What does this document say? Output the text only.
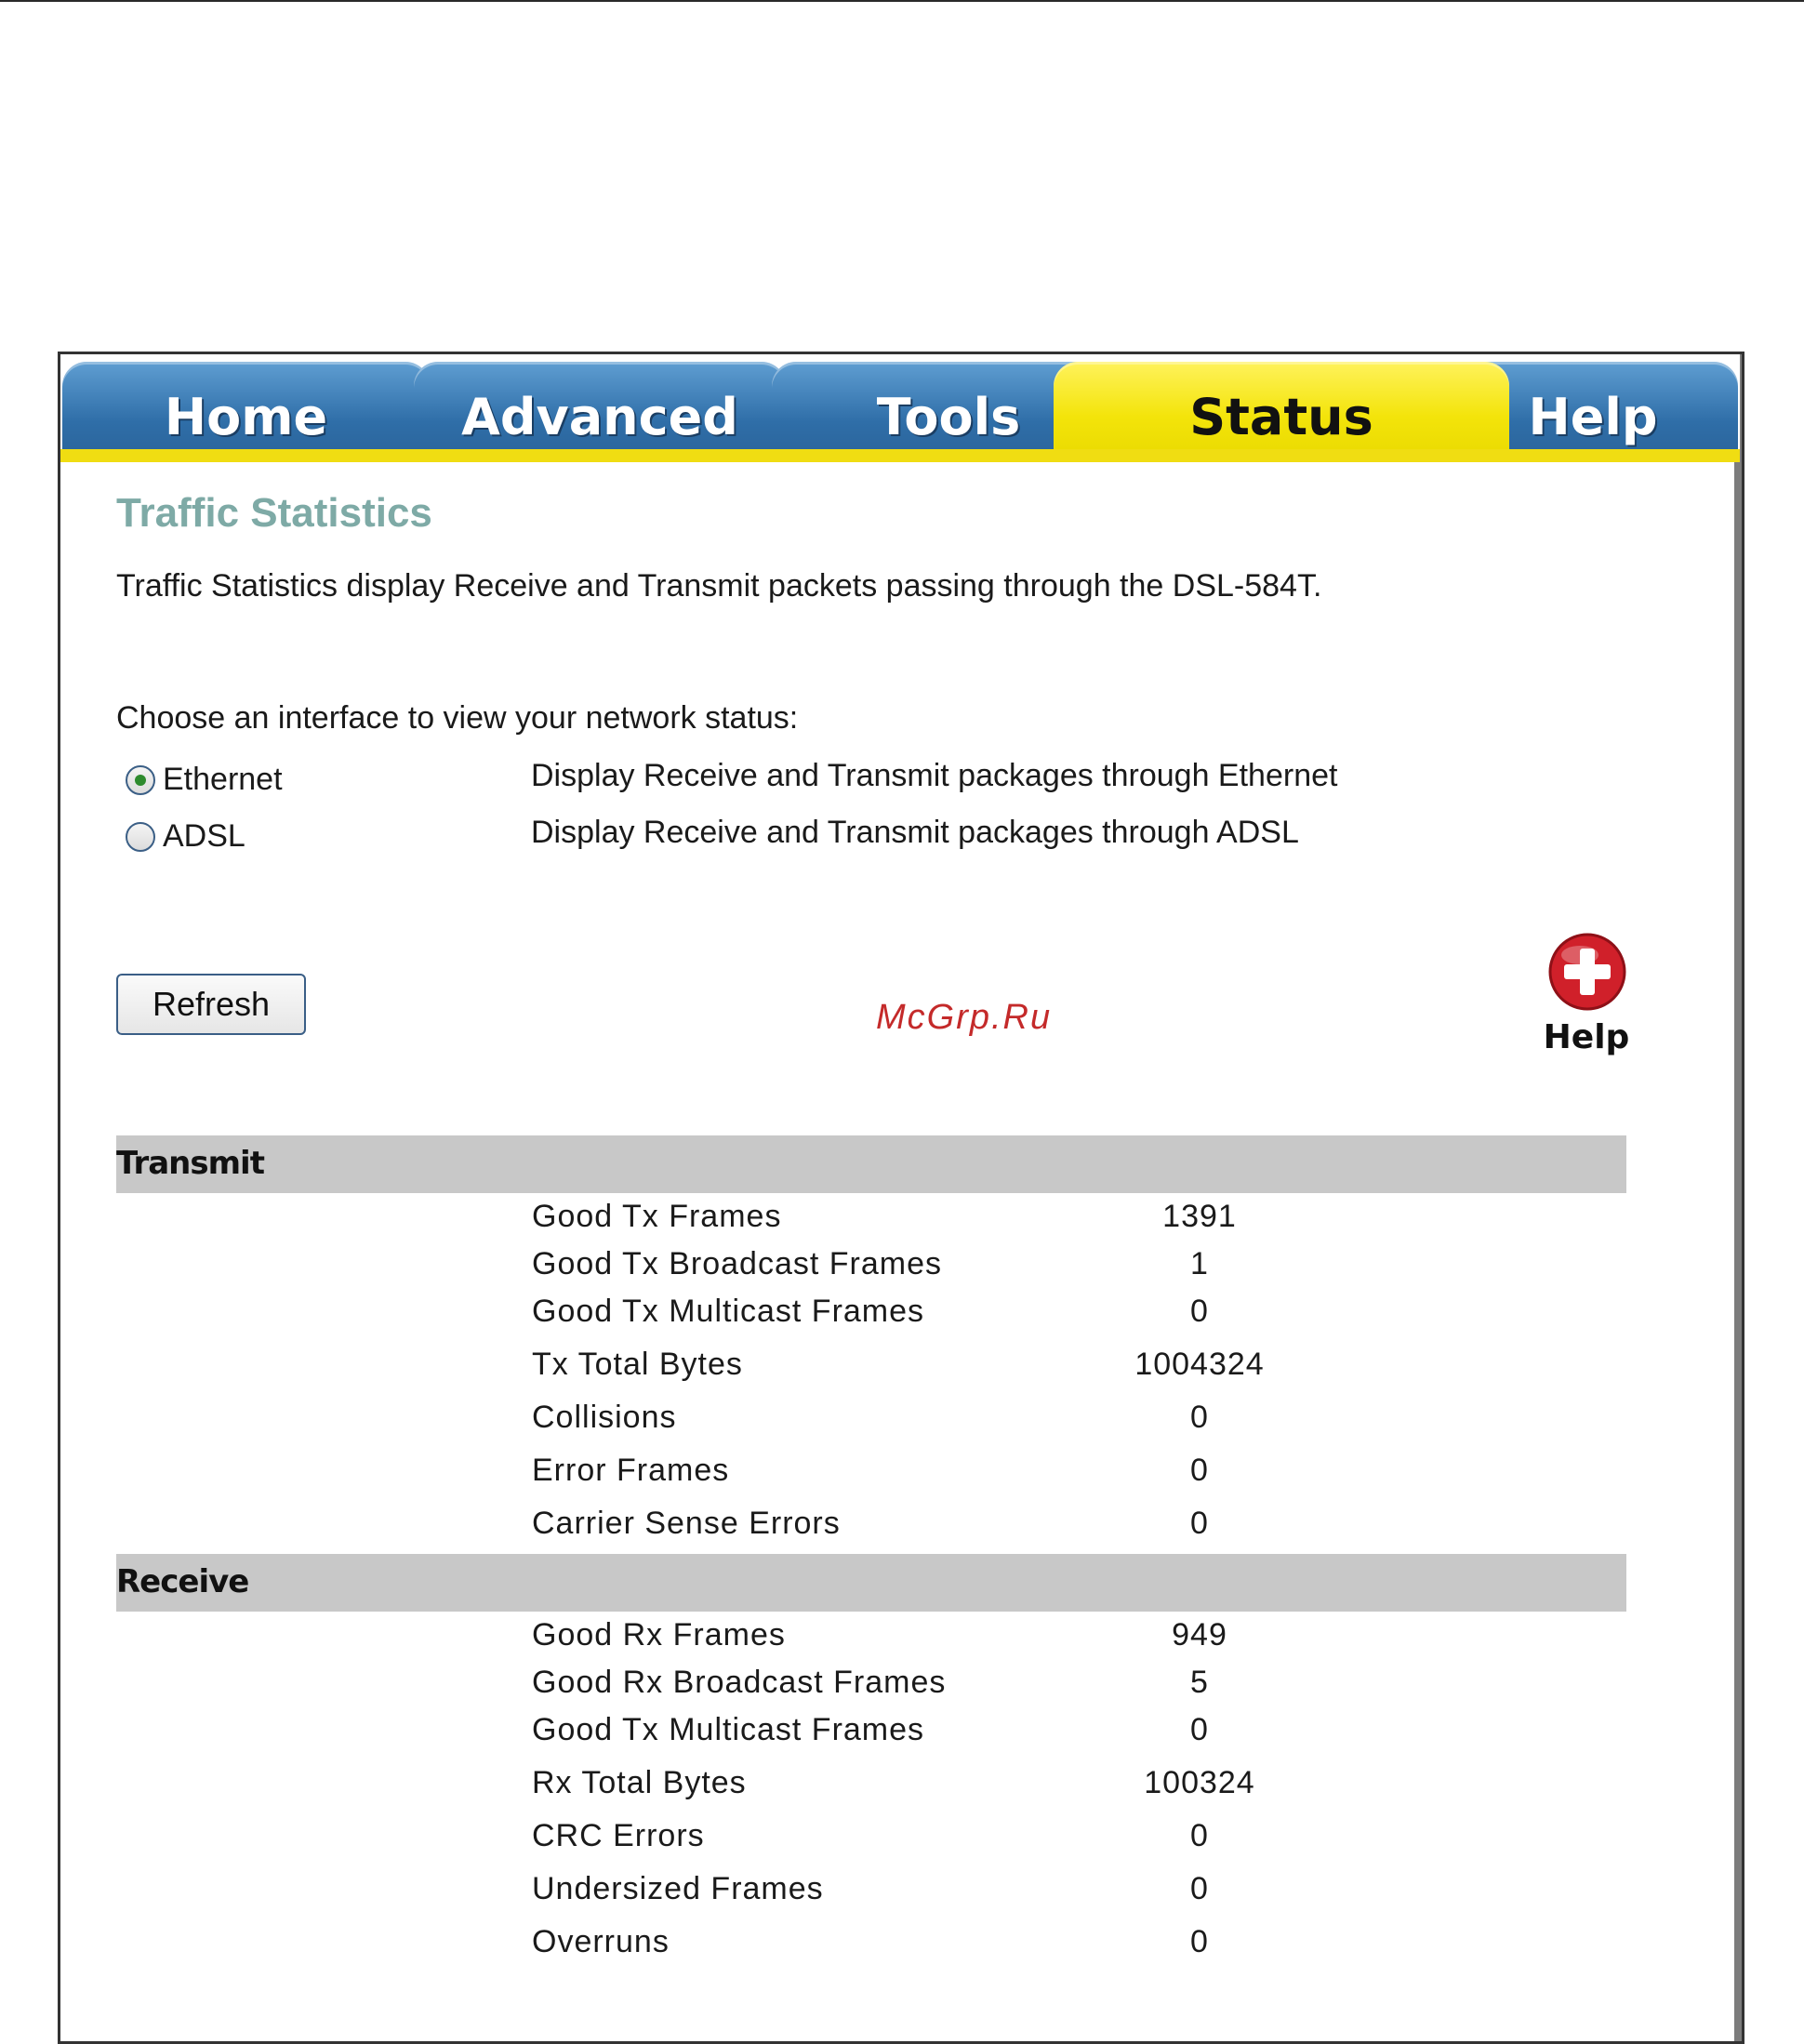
Home	Advanced	Tools	Help
Status
Traffic Statistics
Traffic Statistics display Receive and Transmit packets passing through the DSL-584T.
Choose an interface to view your network status:
Ethernet	Display Receive and Transmit packages through Ethernet
ADSL	Display Receive and Transmit packages through ADSL
Refresh	McGrp.Ru
Help
Transmit
Good Tx Frames	1391
Good Tx Broadcast Frames	1
Good Tx Multicast Frames	0
Tx Total Bytes	1004324
Collisions	0
Error Frames	0
Carrier Sense Errors	0
Receive
Good Rx Frames	949
Good Rx Broadcast Frames	5
Good Tx Multicast Frames	0
Rx Total Bytes	100324
CRC Errors	0
Undersized Frames	0
Overruns	0
